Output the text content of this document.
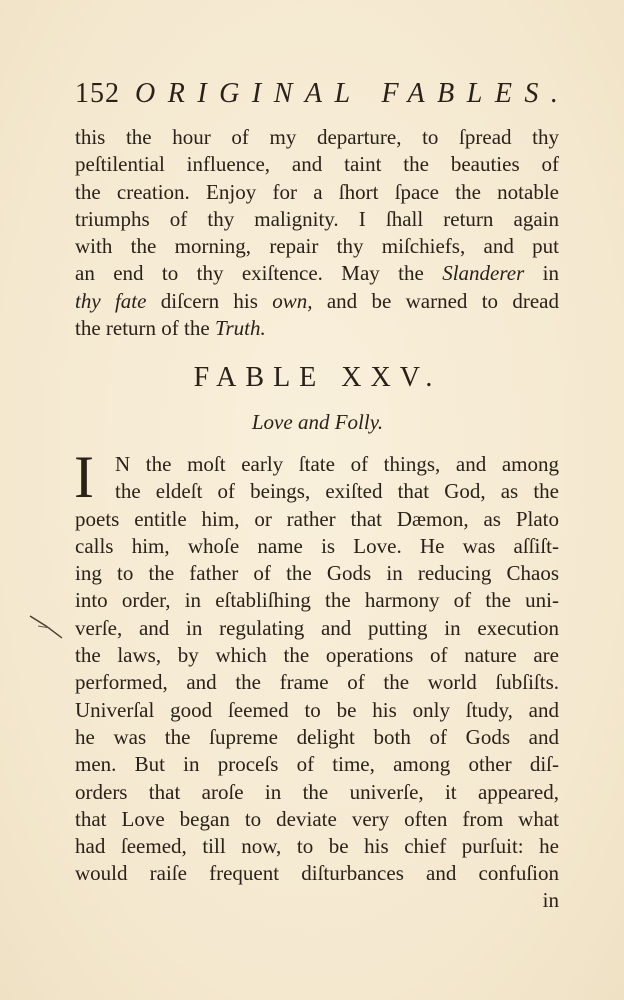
152 ORIGINAL FABLES.
this the hour of my departure, to ſpread thy
peſtilential influence, and taint the beauties of
the creation. Enjoy for a ſhort ſpace the notable
triumphs of thy malignity. I ſhall return again
with the morning, repair thy miſchiefs, and put
an end to thy exiſtence. May the Slanderer in
thy fate diſcern his own, and be warned to dread
the return of the Truth.
FABLE XXV.
Love and Folly.
I	N the moſt early ſtate of things, and among
the eldeſt of beings, exiſted that God, as the
poets entitle him, or rather that Dæmon, as Plato
calls him, whoſe name is Love. He was aſſiſt-
ing to the father of the Gods in reducing Chaos
into order, in eſtabliſhing the harmony of the uni-
verſe, and in regulating and putting in execution
the laws, by which the operations of nature are
performed, and the frame of the world ſubſiſts.
Univerſal good ſeemed to be his only ſtudy, and
he was the ſupreme delight both of Gods and
men. But in proceſs of time, among other diſ-
orders that aroſe in the univerſe, it appeared,
that Love began to deviate very often from what
had ſeemed, till now, to be his chief purſuit: he
would raiſe frequent diſturbances and confuſion
in
